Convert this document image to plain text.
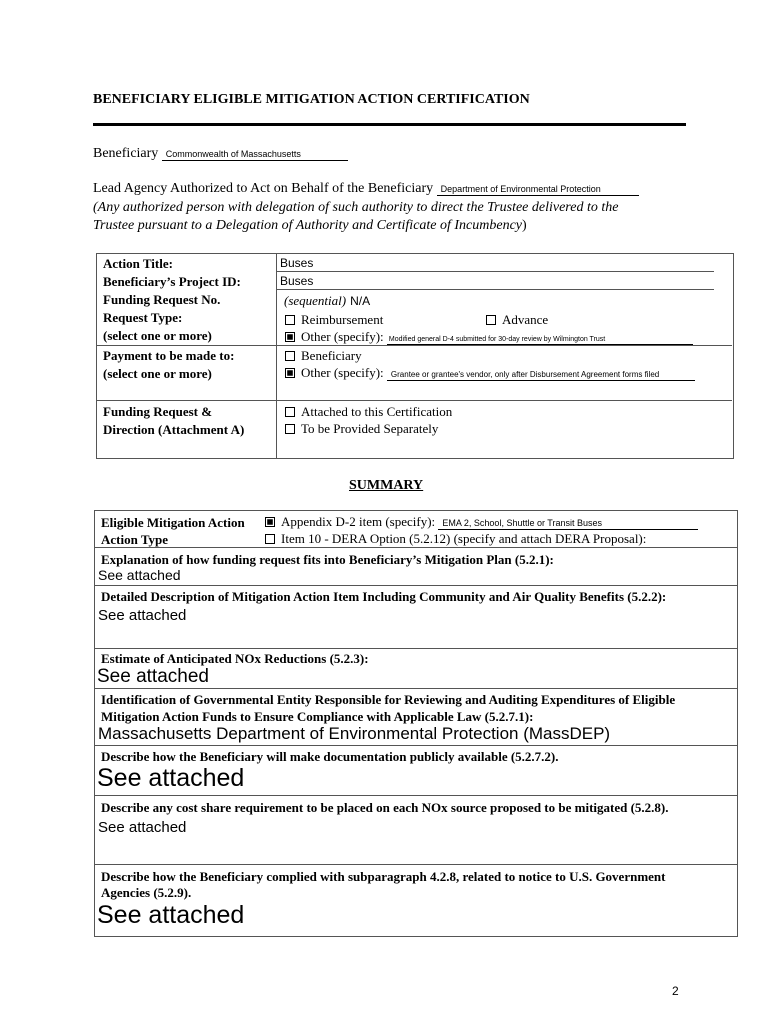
BENEFICIARY ELIGIBLE MITIGATION ACTION CERTIFICATION
Beneficiary Commonwealth of Massachusetts
Lead Agency Authorized to Act on Behalf of the Beneficiary Department of Environmental Protection
(Any authorized person with delegation of such authority to direct the Trustee delivered to the
Trustee pursuant to a Delegation of Authority and Certificate of Incumbency)
Action Title:
Beneficiary’s Project ID:
Funding Request No.
Request Type:
(select one or more)
Payment to be made to:
(select one or more)
Funding Request &
Direction (Attachment A)
Buses
Buses
(sequential) N/A
Reimbursement	Advance
Other (specify): Modified general D-4 submitted for 30-day review by Wilmington Trust
Beneficiary
Other (specify): Grantee or grantee's vendor, only after Disbursement Agreement forms filed
Attached to this Certification
To be Provided Separately
SUMMARY
Eligible Mitigation Action
Action Type
Appendix D-2 item (specify): EMA 2, School, Shuttle or Transit Buses
Item 10 - DERA Option (5.2.12) (specify and attach DERA Proposal):
Explanation of how funding request fits into Beneficiary’s Mitigation Plan (5.2.1):
See attached
Detailed Description of Mitigation Action Item Including Community and Air Quality Benefits (5.2.2):
See attached
Estimate of Anticipated NOx Reductions (5.2.3):
See attached
Identification of Governmental Entity Responsible for Reviewing and Auditing Expenditures of Eligible
Mitigation Action Funds to Ensure Compliance with Applicable Law (5.2.7.1):
Massachusetts Department of Environmental Protection (MassDEP)
Describe how the Beneficiary will make documentation publicly available (5.2.7.2).
See attached
Describe any cost share requirement to be placed on each NOx source proposed to be mitigated (5.2.8).
See attached
Describe how the Beneficiary complied with subparagraph 4.2.8, related to notice to U.S. Government
Agencies (5.2.9).
See attached
2
